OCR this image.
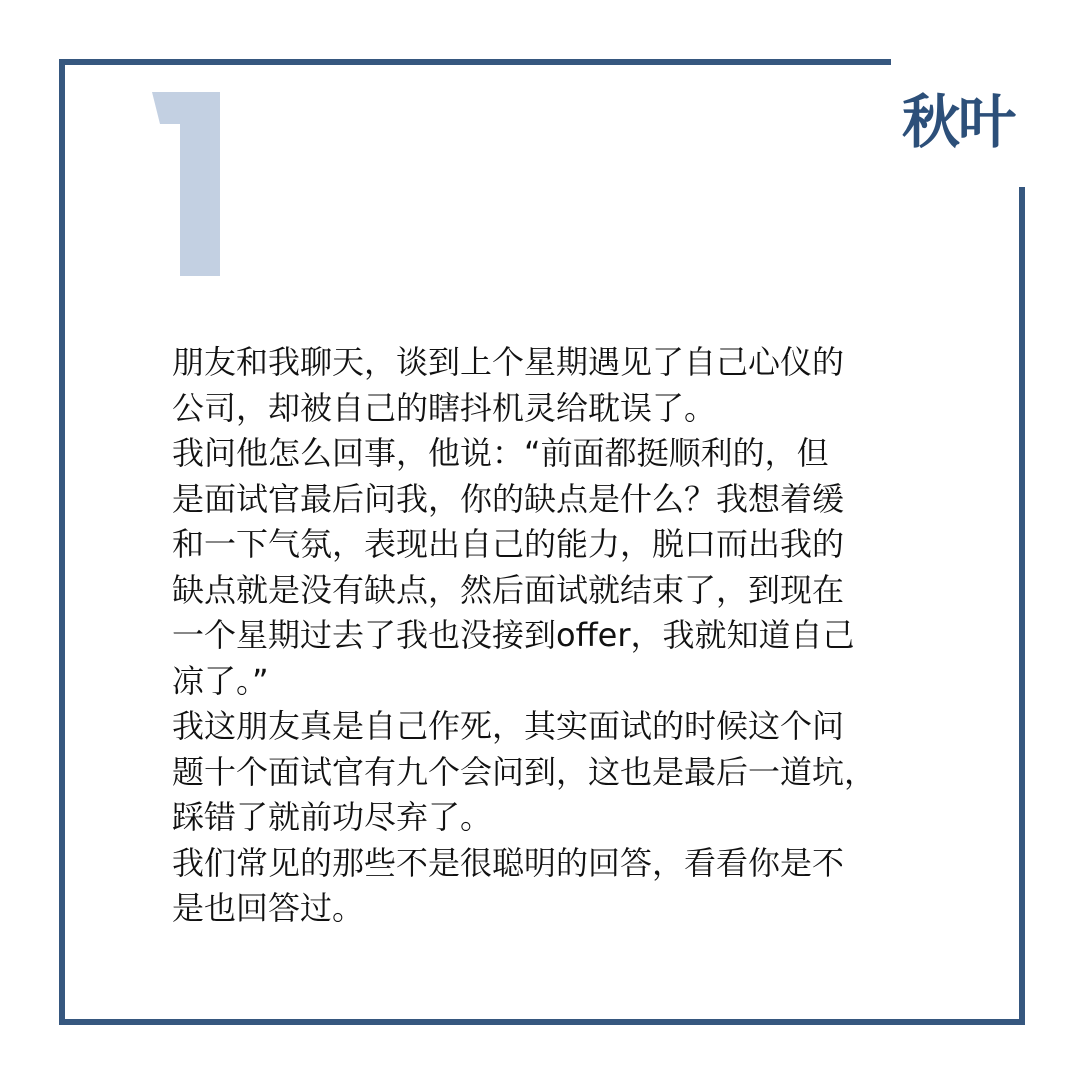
秋叶
朋友和我聊天，谈到上个星期遇见了自己心仪的
公司，却被自己的瞎抖机灵给耽误了。
我问他怎么回事，他说：“前面都挺顺利的，但
是面试官最后问我，你的缺点是什么？我想着缓
和一下气氛，表现出自己的能力，脱口而出我的
缺点就是没有缺点，然后面试就结束了，到现在
一个星期过去了我也没接到offer，我就知道自己
凉了。”
我这朋友真是自己作死，其实面试的时候这个问
题十个面试官有九个会问到，这也是最后一道坑，
踩错了就前功尽弃了。
我们常见的那些不是很聪明的回答，看看你是不
是也回答过。
